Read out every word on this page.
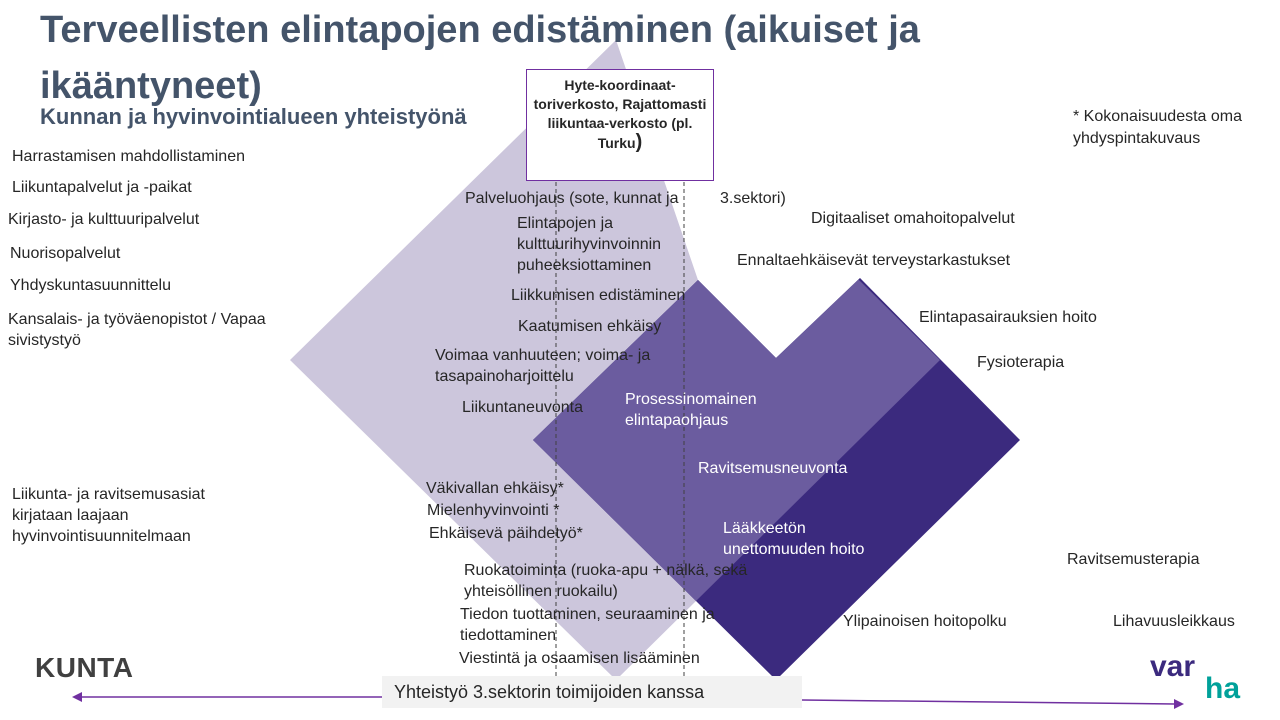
Terveellisten elintapojen edistäminen (aikuiset ja ikääntyneet)
Kunnan ja hyvinvointialueen yhteistyönä	* Kokonaisuudesta oma yhdyspintakuvaus
Hyte-koordinaat-toriverkosto, Rajattomasti liikuntaa-verkosto (pl. Turku)
Harrastamisen mahdollistaminen
Liikuntapalvelut ja -paikat
Kirjasto- ja kulttuuripalvelut
Nuorisopalvelut
Yhdyskuntasuunnittelu
Kansalais- ja työväenopistot / Vapaa sivistystyö
Liikunta- ja ravitsemusasiat kirjataan laajaan hyvinvointisuunnitelmaan
Palveluohjaus (sote, kunnat ja	3.sektori)
Elintapojen ja kulttuurihyvinvoinnin puheeksiottaminen
Liikkumisen edistäminen
Kaatumisen ehkäisy
Voimaa vanhuuteen; voima- ja tasapainoharjoittelu
Liikuntaneuvonta
Väkivallan ehkäisy*
Mielenhyvinvointi *
Ehkäisevä päihdetyö*
Ruokatoiminta (ruoka-apu + nälkä, sekä yhteisöllinen ruokailu)
Tiedon tuottaminen, seuraaminen ja tiedottaminen
Viestintä ja osaamisen lisääminen
Prosessinomainen elintapaohjaus
Ravitsemusneuvonta
Lääkkeetön unettomuuden hoito
Digitaaliset omahoitopalvelut
Ennaltaehkäisevät terveystarkastukset
Elintapasairauksien hoito
Fysioterapia
Ravitsemusterapia
Ylipainoisen hoitopolku	Lihavuusleikkaus
Yhteistyö 3.sektorin toimijoiden kanssa
KUNTA	var
ha
